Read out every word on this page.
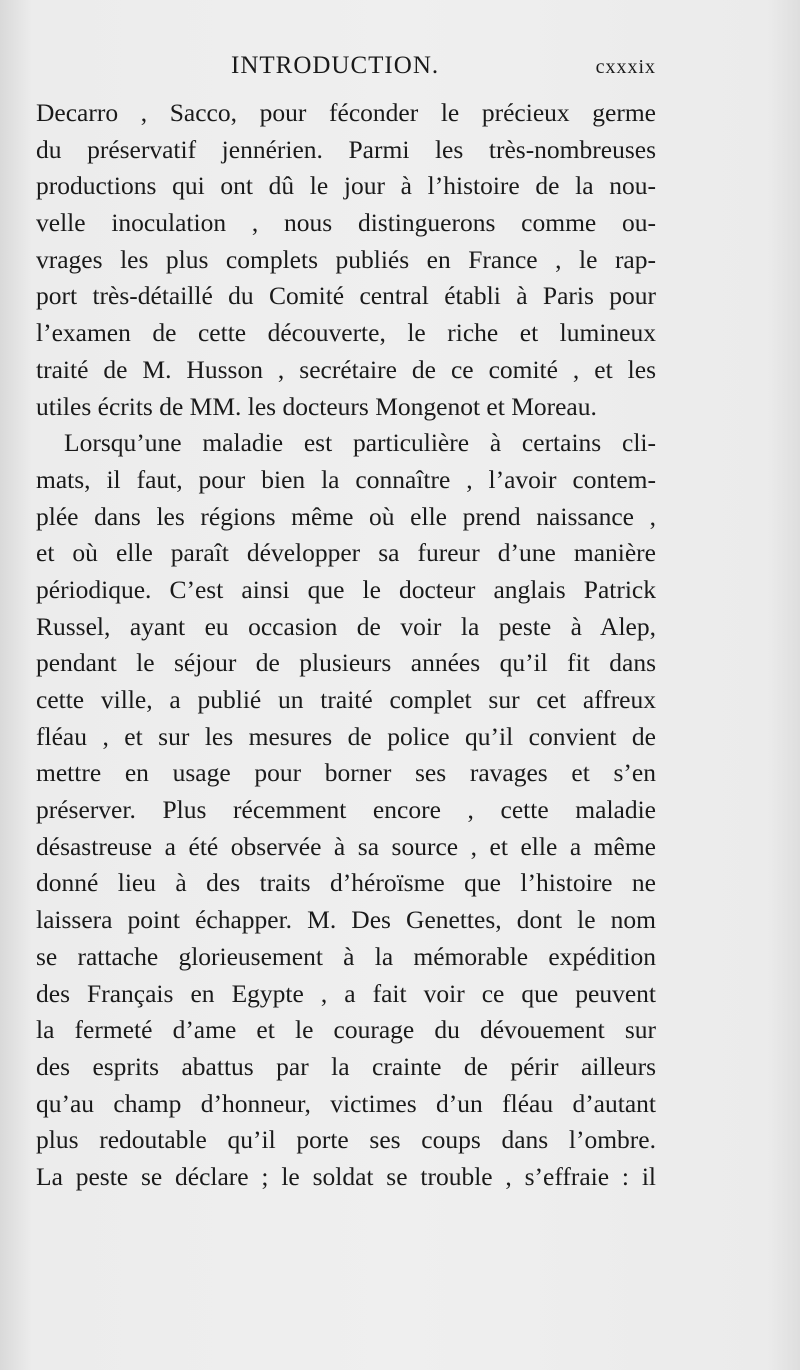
INTRODUCTION.	cxxxix
Decarro , Sacco, pour féconder le précieux germe
du préservatif jennérien. Parmi les très-nombreuses
productions qui ont dû le jour à l’histoire de la nou-
velle inoculation , nous distinguerons comme ou-
vrages les plus complets publiés en France , le rap-
port très-détaillé du Comité central établi à Paris pour
l’examen de cette découverte, le riche et lumineux
traité de M. Husson , secrétaire de ce comité , et les
utiles écrits de MM. les docteurs Mongenot et Moreau.
Lorsqu’une maladie est particulière à certains cli-
mats, il faut, pour bien la connaître , l’avoir contem-
plée dans les régions même où elle prend naissance ,
et où elle paraît développer sa fureur d’une manière
périodique. C’est ainsi que le docteur anglais Patrick
Russel, ayant eu occasion de voir la peste à Alep,
pendant le séjour de plusieurs années qu’il fit dans
cette ville, a publié un traité complet sur cet affreux
fléau , et sur les mesures de police qu’il convient de
mettre en usage pour borner ses ravages et s’en
préserver. Plus récemment encore , cette maladie
désastreuse a été observée à sa source , et elle a même
donné lieu à des traits d’héroïsme que l’histoire ne
laissera point échapper. M. Des Genettes, dont le nom
se rattache glorieusement à la mémorable expédition
des Français en Egypte , a fait voir ce que peuvent
la fermeté d’ame et le courage du dévouement sur
des esprits abattus par la crainte de périr ailleurs
qu’au champ d’honneur, victimes d’un fléau d’autant
plus redoutable qu’il porte ses coups dans l’ombre.
La peste se déclare ; le soldat se trouble , s’effraie : il
